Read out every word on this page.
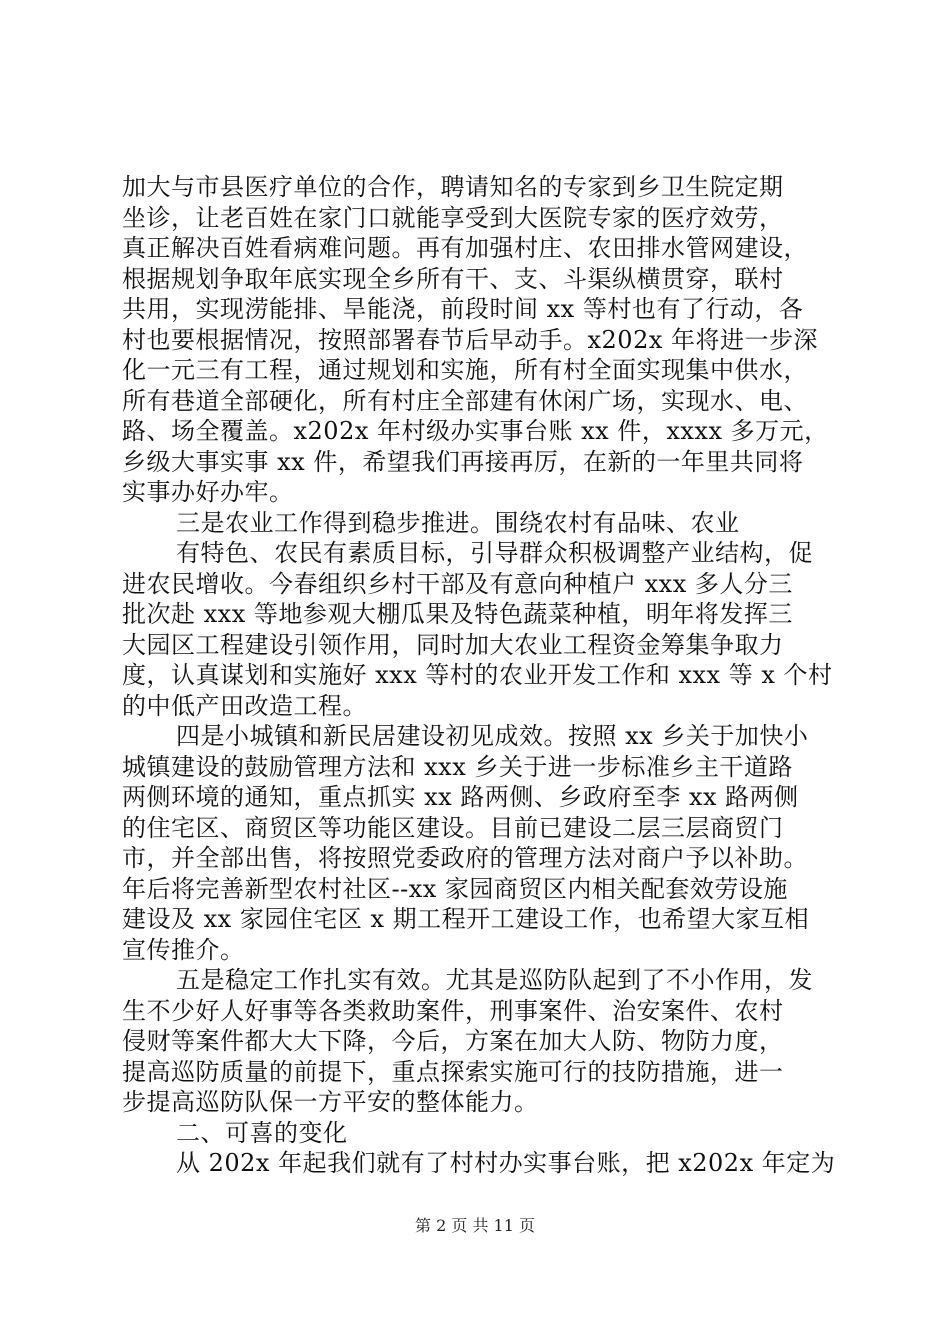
加大与市县医疗单位的合作，聘请知名的专家到乡卫生院定期
坐诊，让老百姓在家门口就能享受到大医院专家的医疗效劳，
真正解决百姓看病难问题。再有加强村庄、农田排水管网建设，
根据规划争取年底实现全乡所有干、支、斗渠纵横贯穿，联村
共用，实现涝能排、旱能浇，前段时间 xx 等村也有了行动，各
村也要根据情况，按照部署春节后早动手。x202x 年将进一步深
化一元三有工程，通过规划和实施，所有村全面实现集中供水，
所有巷道全部硬化，所有村庄全部建有休闲广场，实现水、电、
路、场全覆盖。x202x 年村级办实事台账 xx 件，xxxx 多万元，
乡级大事实事 xx 件，希望我们再接再厉，在新的一年里共同将
实事办好办牢。
三是农业工作得到稳步推进。围绕农村有品味、农业
有特色、农民有素质目标，引导群众积极调整产业结构，促
进农民增收。今春组织乡村干部及有意向种植户 xxx 多人分三
批次赴 xxx 等地参观大棚瓜果及特色蔬菜种植，明年将发挥三
大园区工程建设引领作用，同时加大农业工程资金筹集争取力
度，认真谋划和实施好 xxx 等村的农业开发工作和 xxx 等 x 个村
的中低产田改造工程。
四是小城镇和新民居建设初见成效。按照 xx 乡关于加快小
城镇建设的鼓励管理方法和 xxx 乡关于进一步标准乡主干道路
两侧环境的通知，重点抓实 xx 路两侧、乡政府至李 xx 路两侧
的住宅区、商贸区等功能区建设。目前已建设二层三层商贸门
市，并全部出售，将按照党委政府的管理方法对商户予以补助。
年后将完善新型农村社区--xx 家园商贸区内相关配套效劳设施
建设及 xx 家园住宅区 x 期工程开工建设工作，也希望大家互相
宣传推介。
五是稳定工作扎实有效。尤其是巡防队起到了不小作用，发
生不少好人好事等各类救助案件，刑事案件、治安案件、农村
侵财等案件都大大下降，今后，方案在加大人防、物防力度，
提高巡防质量的前提下，重点探索实施可行的技防措施，进一
步提高巡防队保一方平安的整体能力。
二、可喜的变化
从 202x 年起我们就有了村村办实事台账，把 x202x 年定为
第 2 页 共 11 页
